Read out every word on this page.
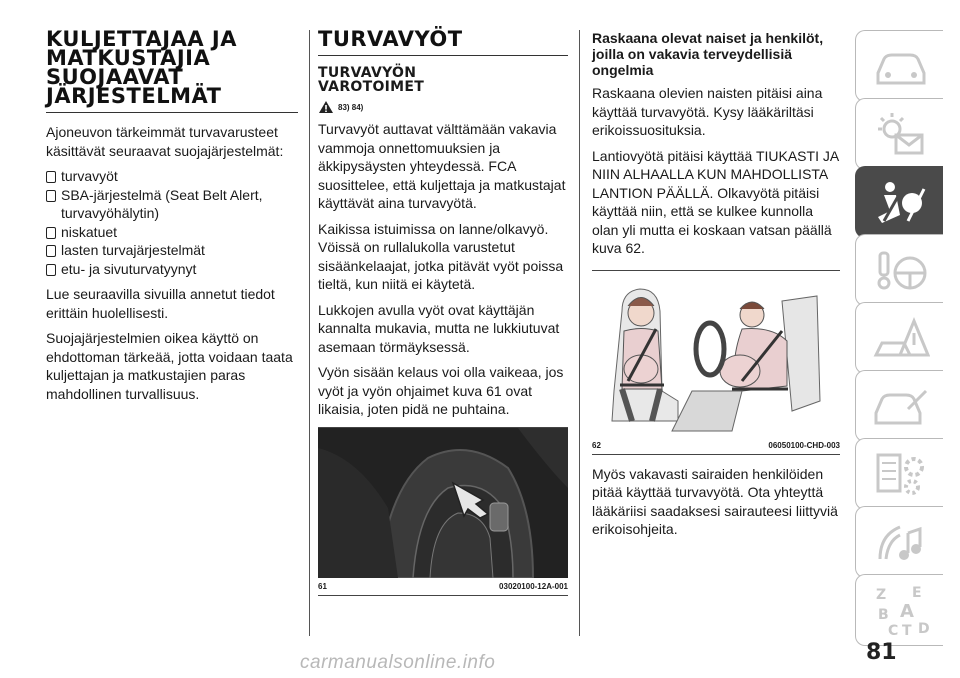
KULJETTAJAA JA
MATKUSTAJIA
SUOJAAVAT
JÄRJESTELMÄT

Ajoneuvon tärkeimmät turvavarusteet käsittävät seuraavat suojajärjestelmät:

turvavyöt
SBA-järjestelmä (Seat Belt Alert, turvavyöhälytin)
niskatuet
lasten turvajärjestelmät
etu- ja sivuturvatyynyt

Lue seuraavilla sivuilla annetut tiedot erittäin huolellisesti.

Suojajärjestelmien oikea käyttö on ehdottoman tärkeää, jotta voidaan taata kuljettajan ja matkustajien paras mahdollinen turvallisuus.

TURVAVYÖT
TURVAVYÖN
VAROTOIMET
83) 84)

Turvavyöt auttavat välttämään vakavia vammoja onnettomuuksien ja äkkipysäysten yhteydessä. FCA suosittelee, että kuljettaja ja matkustajat käyttävät aina turvavyötä.

Kaikissa istuimissa on lanne/olkavyö. Vöissä on rullalukolla varustetut sisäänkelaajat, jotka pitävät vyöt poissa tieltä, kun niitä ei käytetä.

Lukkojen avulla vyöt ovat käyttäjän kannalta mukavia, mutta ne lukkiutuvat asemaan törmäyksessä.

Vyön sisään kelaus voi olla vaikeaa, jos vyöt ja vyön ohjaimet kuva 61 ovat likaisia, joten pidä ne puhtaina.

61	03020100-12A-001
Raskaana olevat naiset ja henkilöt, joilla on vakavia terveydellisiä ongelmia

Raskaana olevien naisten pitäisi aina käyttää turvavyötä. Kysy lääkäriltäsi erikoissuosituksia.

Lantiovyötä pitäisi käyttää TIUKASTI JA NIIN ALHAALLA KUN MAHDOLLISTA LANTION PÄÄLLÄ. Olkavyötä pitäisi käyttää niin, että se kulkee kunnolla olan yli mutta ei koskaan vatsan päällä kuva 62.

62	06050100-CHD-003

Myös vakavasti sairaiden henkilöiden pitää käyttää turvavyötä. Ota yhteyttä lääkäriisi saadaksesi sairauteesi liittyviä erikoisohjeita.

Z E
B A
C T D
81
carmanualsonline.info
